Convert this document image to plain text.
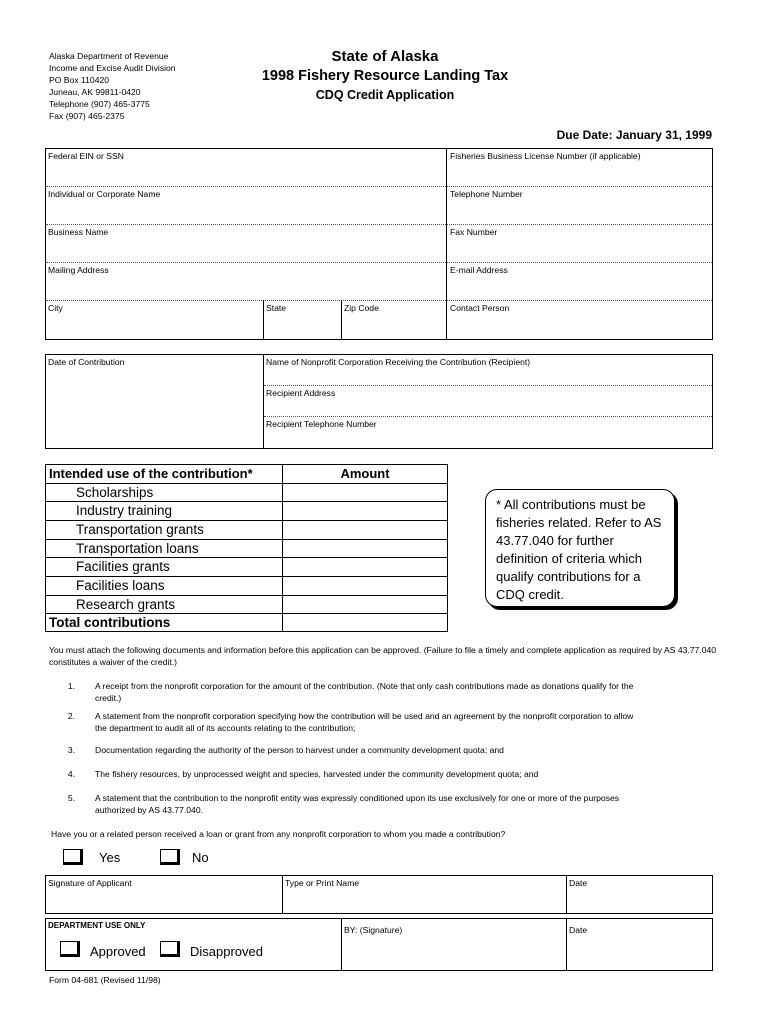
Alaska Department of Revenue
Income and Excise Audit Division
PO Box 110420
Juneau, AK 99811-0420
Telephone (907) 465-3775
Fax (907) 465-2375
State of Alaska
1998 Fishery Resource Landing Tax
CDQ Credit Application
Due Date: January 31, 1999
Federal EIN or SSN	Fisheries Business License Number (if applicable)
Individual or Corporate Name	Telephone Number
Business Name	Fax Number
Mailing Address	E-mail Address
City	State	Zip Code	Contact Person
Date of Contribution	Name of Nonprofit Corporation Receiving the Contribution (Recipient)
Recipient Address
Recipient Telephone Number
Intended use of the contribution*	Amount
Scholarships
Industry training
Transportation grants
Transportation loans
Facilities grants
Facilities loans
Research grants
Total contributions
* All contributions must be fisheries related. Refer to AS 43.77.040 for further definition of criteria which qualify contributions for a CDQ credit.
You must attach the following documents and information before this application can be approved. (Failure to file a timely and complete application as required by AS 43.77.040 constitutes a waiver of the credit.)
1. A receipt from the nonprofit corporation for the amount of the contribution. (Note that only cash contributions made as donations qualify for the credit.)
2. A statement from the nonprofit corporation specifying how the contribution will be used and an agreement by the nonprofit corporation to allow the department to audit all of its accounts relating to the contribution;
3. Documentation regarding the authority of the person to harvest under a community development quota; and
4. The fishery resources, by unprocessed weight and species, harvested under the community development quota; and
5. A statement that the contribution to the nonprofit entity was expressly conditioned upon its use exclusively for one or more of the purposes authorized by AS 43.77.040.
Have you or a related person received a loan or grant from any nonprofit corporation to whom you made a contribution?
Yes	No
Signature of Applicant	Type or Print Name	Date
DEPARTMENT USE ONLY	BY: (Signature)	Date
Approved	Disapproved
Form 04-681 (Revised 11/98)
